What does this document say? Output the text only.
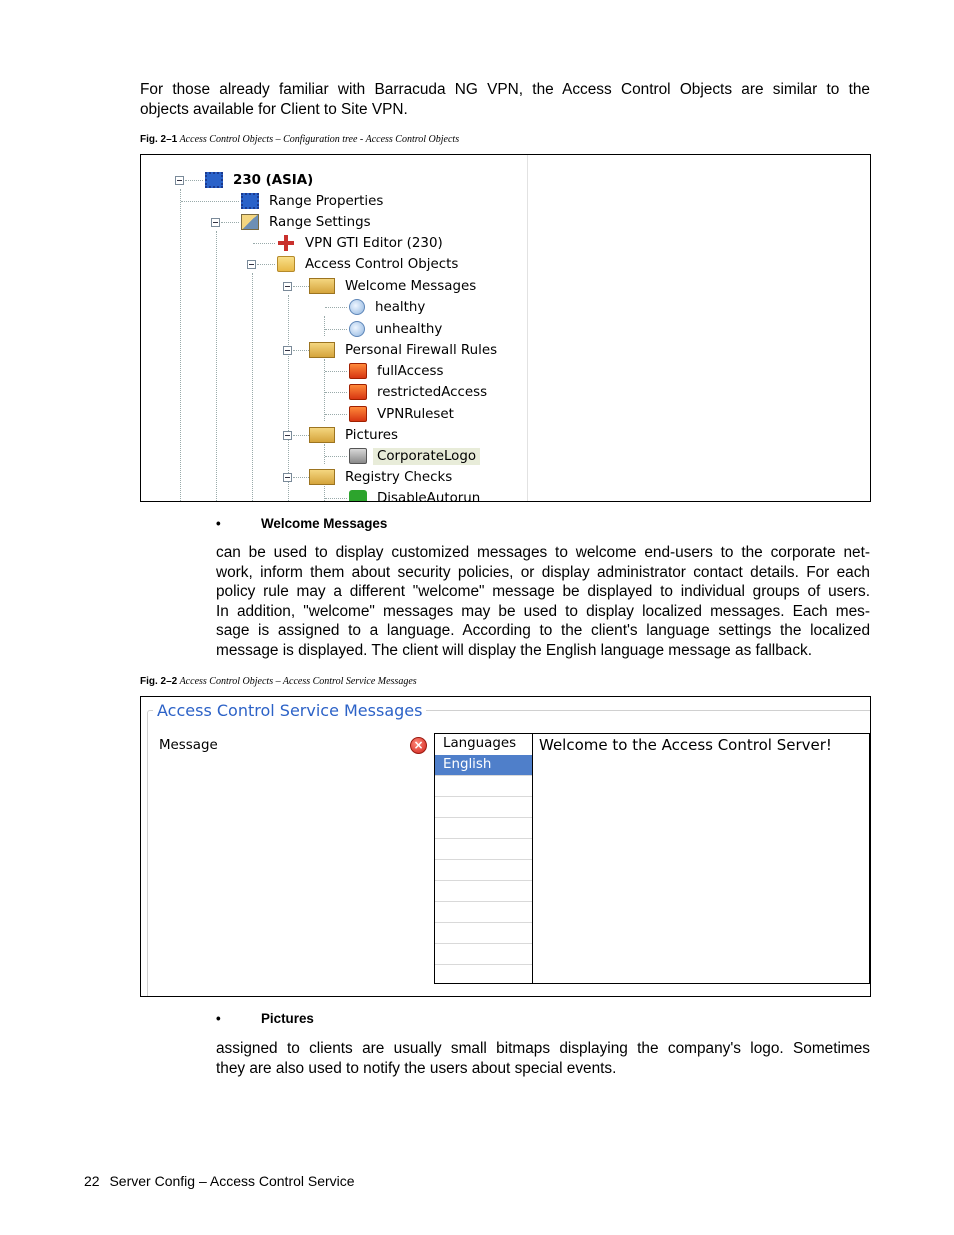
For those already familiar with Barracuda NG VPN, the Access Control Objects are similar to the
objects available for Client to Site VPN.
Fig. 2–1 Access Control Objects – Configuration tree - Access Control Objects
230 (ASIA)
Range Properties
Range Settings
VPN GTI Editor (230)
Access Control Objects
Welcome Messages
healthy
unhealthy
Personal Firewall Rules
fullAccess
restrictedAccess
VPNRuleset
Pictures
CorporateLogo
Registry Checks
DisableAutorun
•	Welcome Messages
can be used to display customized messages to welcome end-users to the corporate net-
work, inform them about security policies, or display administrator contact details. For each
policy rule may a different "welcome" message be displayed to individual groups of users.
In addition, "welcome" messages may be used to display localized messages. Each mes-
sage is assigned to a language. According to the client's language settings the localized
message is displayed. The client will display the English language message as fallback.
Fig. 2–2 Access Control Objects – Access Control Service Messages
Access Control Service Messages
Message	×	Languages
English
Welcome to the Access Control Server!
•	Pictures
assigned to clients are usually small bitmaps displaying the company's logo. Sometimes
they are also used to notify the users about special events.
22 Server Config – Access Control Service
